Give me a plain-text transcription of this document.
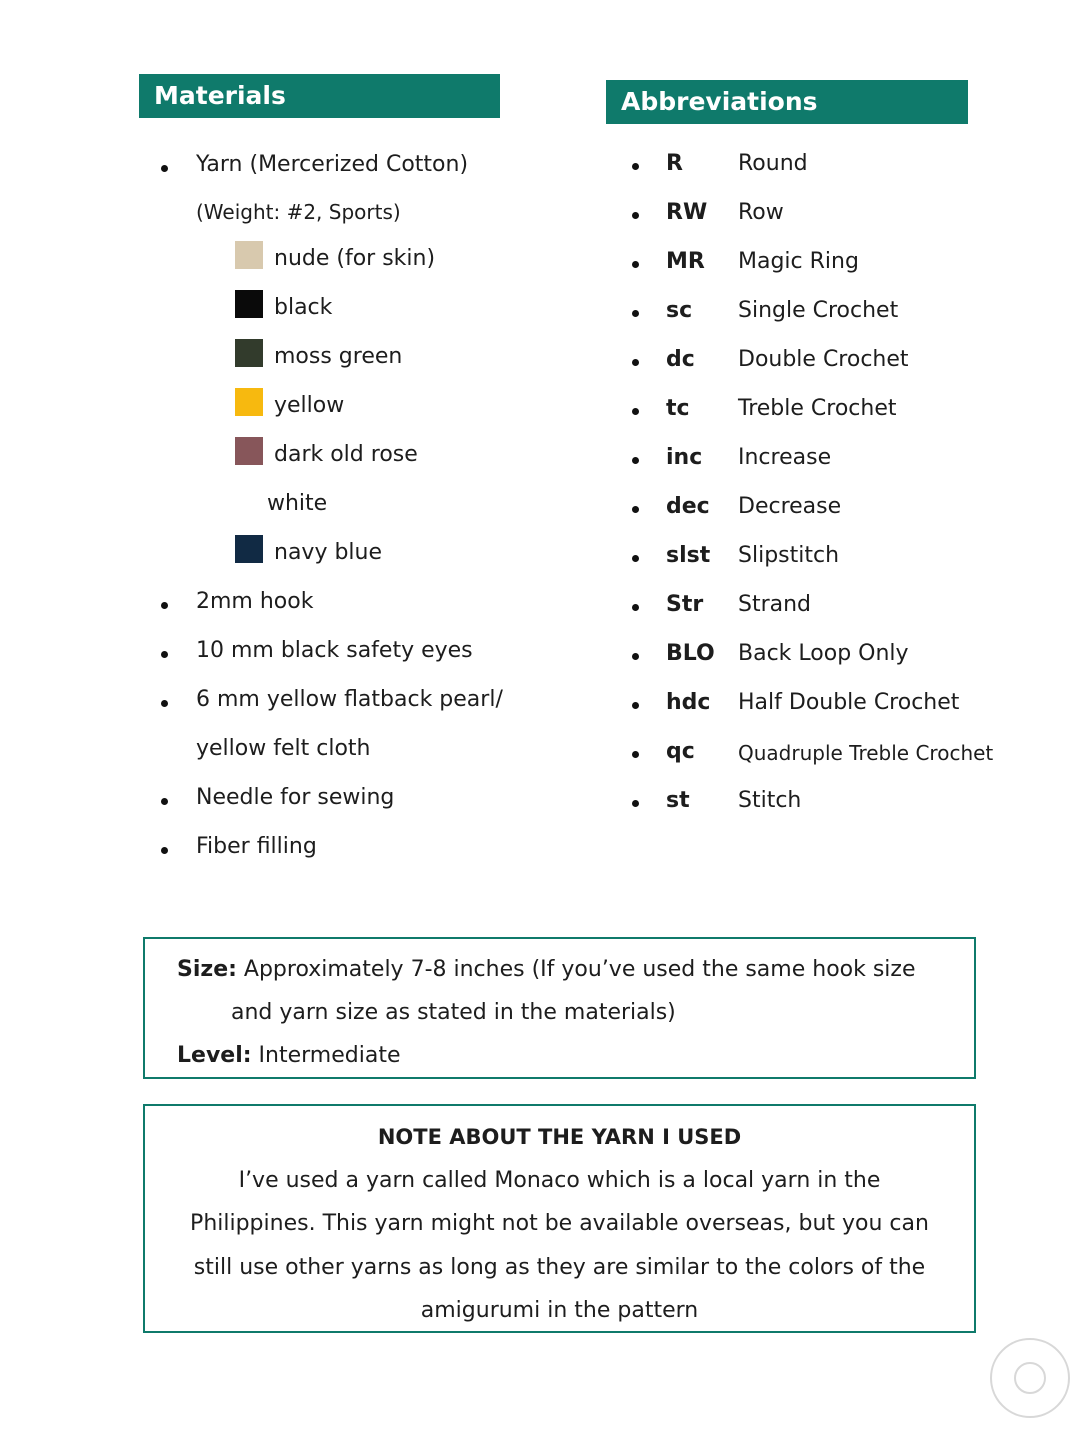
Materials	Abbreviations
Yarn (Mercerized Cotton)
(Weight: #2, Sports)
nude (for skin)
black
moss green
yellow
dark old rose
white
navy blue
2mm hook
10 mm black safety eyes
6 mm yellow flatback pearl/
yellow felt cloth
Needle for sewing
Fiber filling
R	Round
RW Row
MR Magic Ring
sc Single Crochet
dc Double Crochet
tc Treble Crochet
inc Increase
dec Decrease
slst Slipstitch
Str Strand
BLO Back Loop Only
hdc Half Double Crochet
qc Quadruple Treble Crochet
st Stitch
Size: Approximately 7-8 inches (If you’ve used the same hook size
and yarn size as stated in the materials)
Level: Intermediate
NOTE ABOUT THE YARN I USED
I’ve used a yarn called Monaco which is a local yarn in the
Philippines. This yarn might not be available overseas, but you can
still use other yarns as long as they are similar to the colors of the
amigurumi in the pattern
